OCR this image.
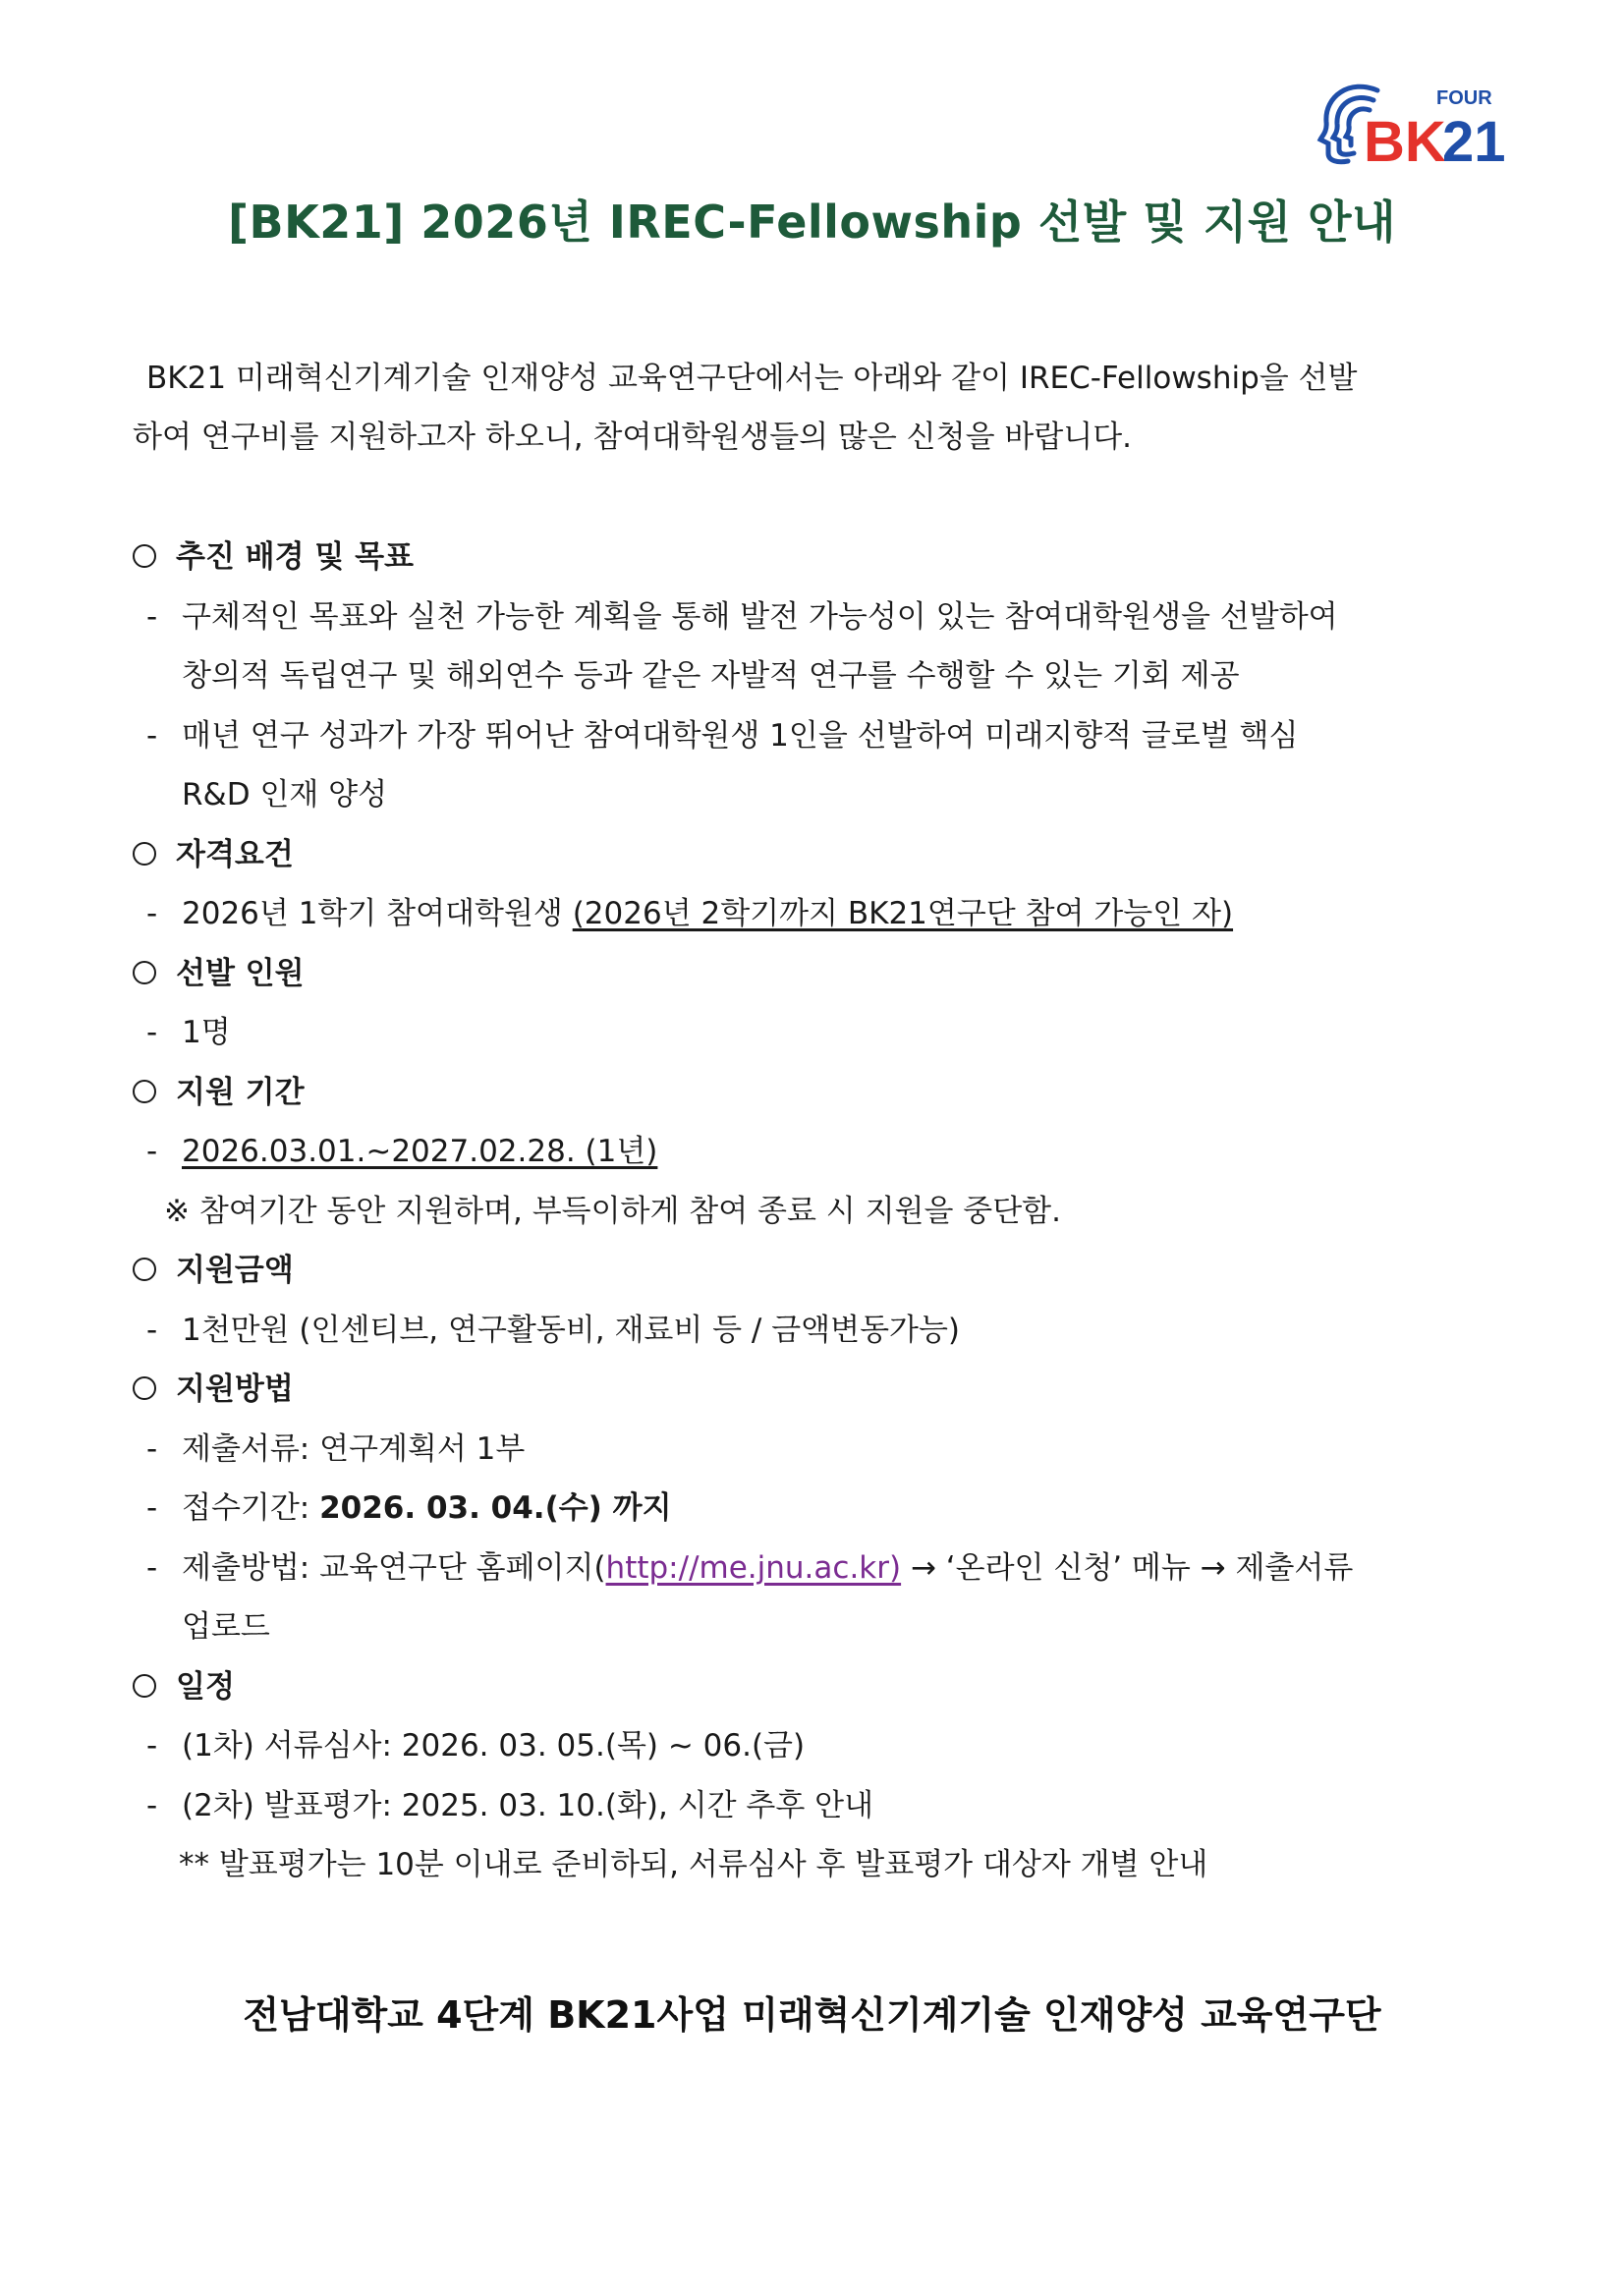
FOUR
BK
21
[BK21] 2026년 IREC-Fellowship 선발 및 지원 안내
BK21 미래혁신기계기술 인재양성 교육연구단에서는 아래와 같이 IREC-Fellowship을 선발
하여 연구비를 지원하고자 하오니, 참여대학원생들의 많은 신청을 바랍니다.
추진 배경 및 목표
- 구체적인 목표와 실천 가능한 계획을 통해 발전 가능성이 있는 참여대학원생을 선발하여
창의적 독립연구 및 해외연수 등과 같은 자발적 연구를 수행할 수 있는 기회 제공
- 매년 연구 성과가 가장 뛰어난 참여대학원생 1인을 선발하여 미래지향적 글로벌 핵심
R&D 인재 양성
자격요건
- 2026년 1학기 참여대학원생 (2026년 2학기까지 BK21연구단 참여 가능인 자)
선발 인원
- 1명
지원 기간
- 2026.03.01.~2027.02.28. (1년)
※ 참여기간 동안 지원하며, 부득이하게 참여 종료 시 지원을 중단함.
지원금액
- 1천만원 (인센티브, 연구활동비, 재료비 등 / 금액변동가능)
지원방법
- 제출서류: 연구계획서 1부
- 접수기간: 2026. 03. 04.(수) 까지
- 제출방법: 교육연구단 홈페이지(http://me.jnu.ac.kr) → ‘온라인 신청’ 메뉴 → 제출서류
업로드
일정
- (1차) 서류심사: 2026. 03. 05.(목) ~ 06.(금)
- (2차) 발표평가: 2025. 03. 10.(화), 시간 추후 안내
** 발표평가는 10분 이내로 준비하되, 서류심사 후 발표평가 대상자 개별 안내
전남대학교 4단계 BK21사업 미래혁신기계기술 인재양성 교육연구단
